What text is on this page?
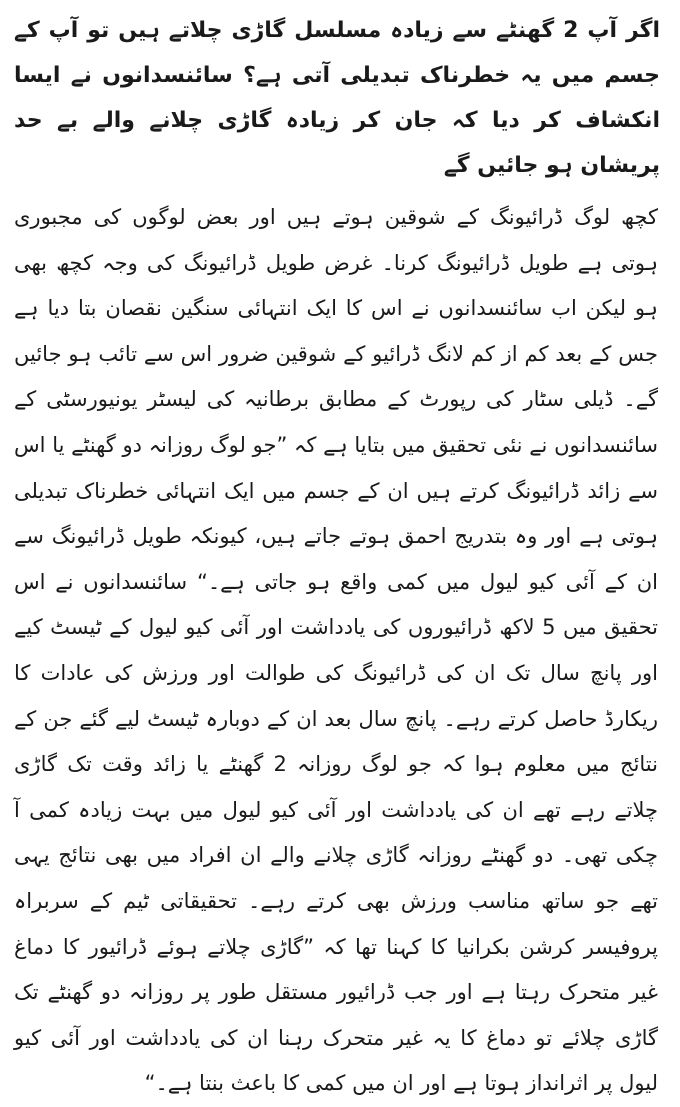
اگر آپ 2 گھنٹے سے زیادہ مسلسل گاڑی چلاتے ہیں تو آپ کے جسم میں یہ خطرناک تبدیلی آتی ہے؟ سائنسدانوں نے ایسا انکشاف کر دیا کہ جان کر زیادہ گاڑی چلانے والے بے حد پریشان ہو جائیں گے

کچھ لوگ ڈرائیونگ کے شوقین ہوتے ہیں اور بعض لوگوں کی مجبوری ہوتی ہے طویل ڈرائیونگ کرنا۔ غرض طویل ڈرائیونگ کی وجہ کچھ بھی ہو لیکن اب سائنسدانوں نے اس کا ایک انتہائی سنگین نقصان بتا دیا ہے جس کے بعد کم از کم لانگ ڈرائیو کے شوقین ضرور اس سے تائب ہو جائیں گے۔ ڈیلی سٹار کی رپورٹ کے مطابق برطانیہ کی لیسٹر یونیورسٹی کے سائنسدانوں نے نئی تحقیق میں بتایا ہے کہ ”جو لوگ روزانہ دو گھنٹے یا اس سے زائد ڈرائیونگ کرتے ہیں ان کے جسم میں ایک انتہائی خطرناک تبدیلی ہوتی ہے اور وہ بتدریج احمق ہوتے جاتے ہیں، کیونکہ طویل ڈرائیونگ سے ان کے آئی کیو لیول میں کمی واقع ہو جاتی ہے۔“ سائنسدانوں نے اس تحقیق میں 5 لاکھ ڈرائیوروں کی یادداشت اور آئی کیو لیول کے ٹیسٹ کیے اور پانچ سال تک ان کی ڈرائیونگ کی طوالت اور ورزش کی عادات کا ریکارڈ حاصل کرتے رہے۔ پانچ سال بعد ان کے دوبارہ ٹیسٹ لیے گئے جن کے نتائج میں معلوم ہوا کہ جو لوگ روزانہ 2 گھنٹے یا زائد وقت تک گاڑی چلاتے رہے تھے ان کی یادداشت اور آئی کیو لیول میں بہت زیادہ کمی آ چکی تھی۔ دو گھنٹے روزانہ گاڑی چلانے والے ان افراد میں بھی نتائج یہی تھے جو ساتھ مناسب ورزش بھی کرتے رہے۔ تحقیقاتی ٹیم کے سربراہ پروفیسر کرشن بکرانیا کا کہنا تھا کہ ”گاڑی چلاتے ہوئے ڈرائیور کا دماغ غیر متحرک رہتا ہے اور جب ڈرائیور مستقل طور پر روزانہ دو گھنٹے تک گاڑی چلائے تو دماغ کا یہ غیر متحرک رہنا ان کی یادداشت اور آئی کیو لیول پر اثرانداز ہوتا ہے اور ان میں کمی کا باعث بنتا ہے۔“
